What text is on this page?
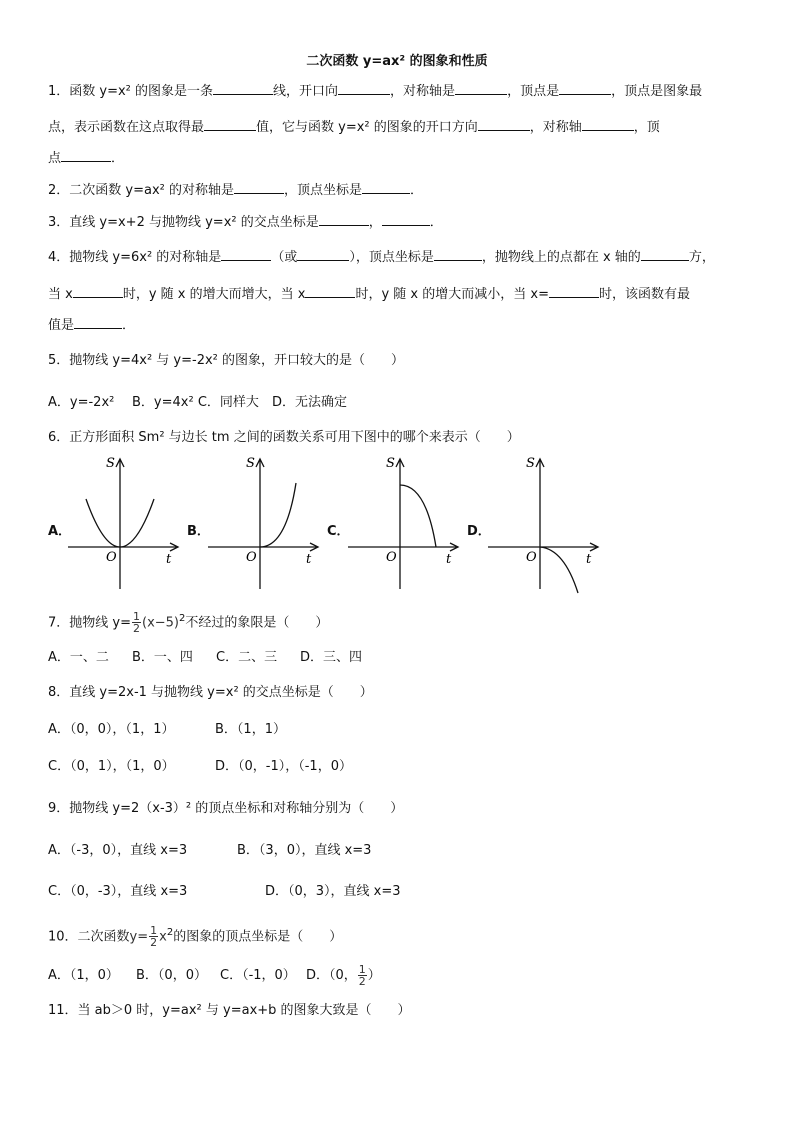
二次函数 y=ax² 的图象和性质
1．函数 y=x² 的图象是一条	线，开口向	，对称轴是	，顶点是	，顶点是图象最
点，表示函数在这点取得最	值，它与函数 y=x² 的图象的开口方向	，对称轴	，顶
点	．
2．二次函数 y=ax² 的对称轴是	，顶点坐标是	．
3．直线 y=x+2 与抛物线 y=x² 的交点坐标是	，	．
4．抛物线 y=6x² 的对称轴是	（或	），顶点坐标是	，抛物线上的点都在 x 轴的	方，
当 x	时，y 随 x 的增大而增大，当 x	时，y 随 x 的增大而减小，当 x=	时，该函数有最
值是	．
5．抛物线 y=4x² 与 y=-2x² 的图象，开口较大的是（　　）
A．y=-2x² B．y=4x² C．同样大 D．无法确定
6．正方形面积 Sm² 与边长 tm 之间的函数关系可用下图中的哪个来表示（　　）
A．	B．	C．	D．
S
t
O
S
t
O
S
t
O
S
t
O
7．抛物线 $y= \frac{1}{2} (x-5)^2$不经过的象限是（　　）
A．一、二 B．一、四 C．二、三 D．三、四
8．直线 y=2x-1 与抛物线 y=x² 的交点坐标是（　　）
A．（0，0），（1，1）	B．（1，1）
C．（0，1），（1，0）	D．（0，-1），（-1，0）
9．抛物线 y=2（x-3）² 的顶点坐标和对称轴分别为（　　）
A．（-3，0），直线 x=3	B．（3，0），直线 x=3
C．（0，-3），直线 x=3	D．（0，3），直线 x=3
10．二次函数$y= \frac{1}{2} x^2$的图象的顶点坐标是（　　）
A．（1，0） B．（0，0） C．（-1，0） D．（0， $\frac{1}{2}$ ）
11．当 ab＞0 时，y=ax² 与 y=ax+b 的图象大致是（　　）
